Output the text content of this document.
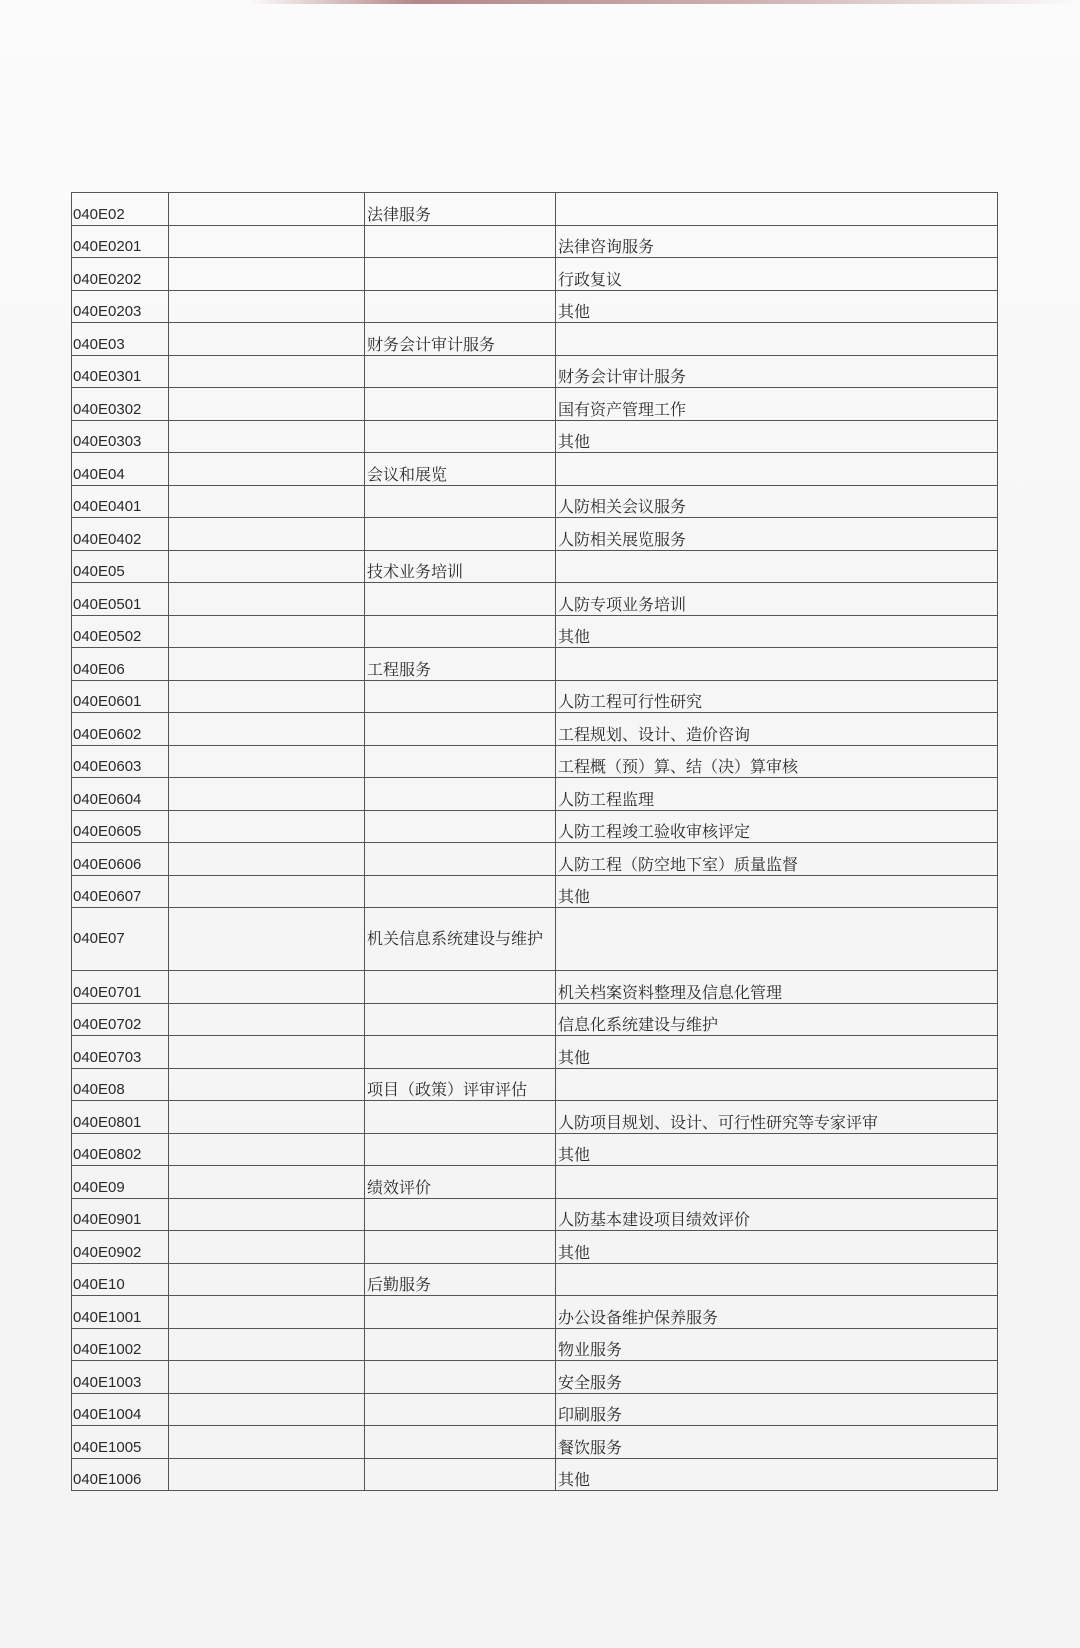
040E02		法律服务	
040E0201			法律咨询服务
040E0202			行政复议
040E0203			其他
040E03		财务会计审计服务	
040E0301			财务会计审计服务
040E0302			国有资产管理工作
040E0303			其他
040E04		会议和展览	
040E0401			人防相关会议服务
040E0402			人防相关展览服务
040E05		技术业务培训	
040E0501			人防专项业务培训
040E0502			其他
040E06		工程服务	
040E0601			人防工程可行性研究
040E0602			工程规划、设计、造价咨询
040E0603			工程概（预）算、结（决）算审核
040E0604			人防工程监理
040E0605			人防工程竣工验收审核评定
040E0606			人防工程（防空地下室）质量监督
040E0607			其他
040E07		机关信息系统建设与维护	
040E0701			机关档案资料整理及信息化管理
040E0702			信息化系统建设与维护
040E0703			其他
040E08		项目（政策）评审评估	
040E0801			人防项目规划、设计、可行性研究等专家评审
040E0802			其他
040E09		绩效评价	
040E0901			人防基本建设项目绩效评价
040E0902			其他
040E10		后勤服务	
040E1001			办公设备维护保养服务
040E1002			物业服务
040E1003			安全服务
040E1004			印刷服务
040E1005			餐饮服务
040E1006			其他
